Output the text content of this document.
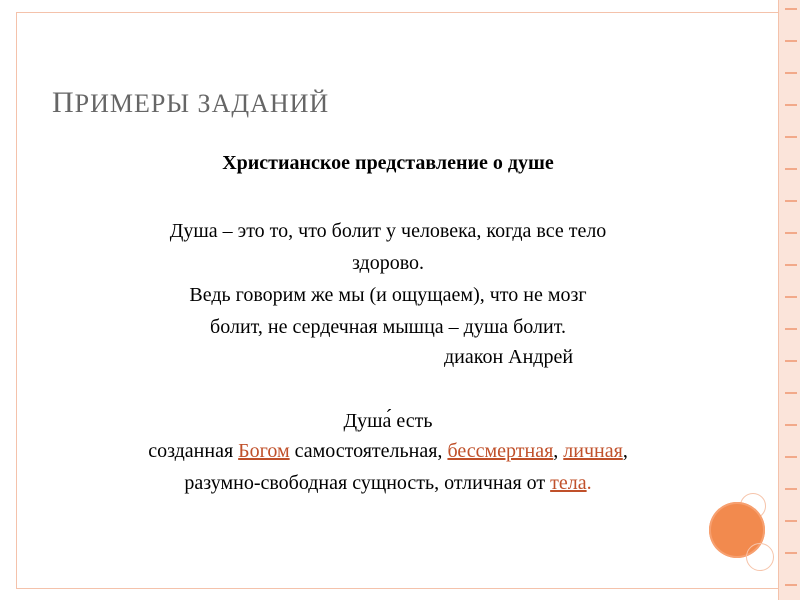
ПРИМЕРЫ ЗАДАНИЙ
Христианское представление о душе
Душа – это то, что болит у человека, когда все тело
здорово.
Ведь говорим же мы (и ощущаем), что не мозг
болит, не сердечная мышца – душа болит.
диакон Андрей
Душа́ есть
созданная Богом самостоятельная, бессмертная, личная,
разумно-свободная сущность, отличная от тела.
